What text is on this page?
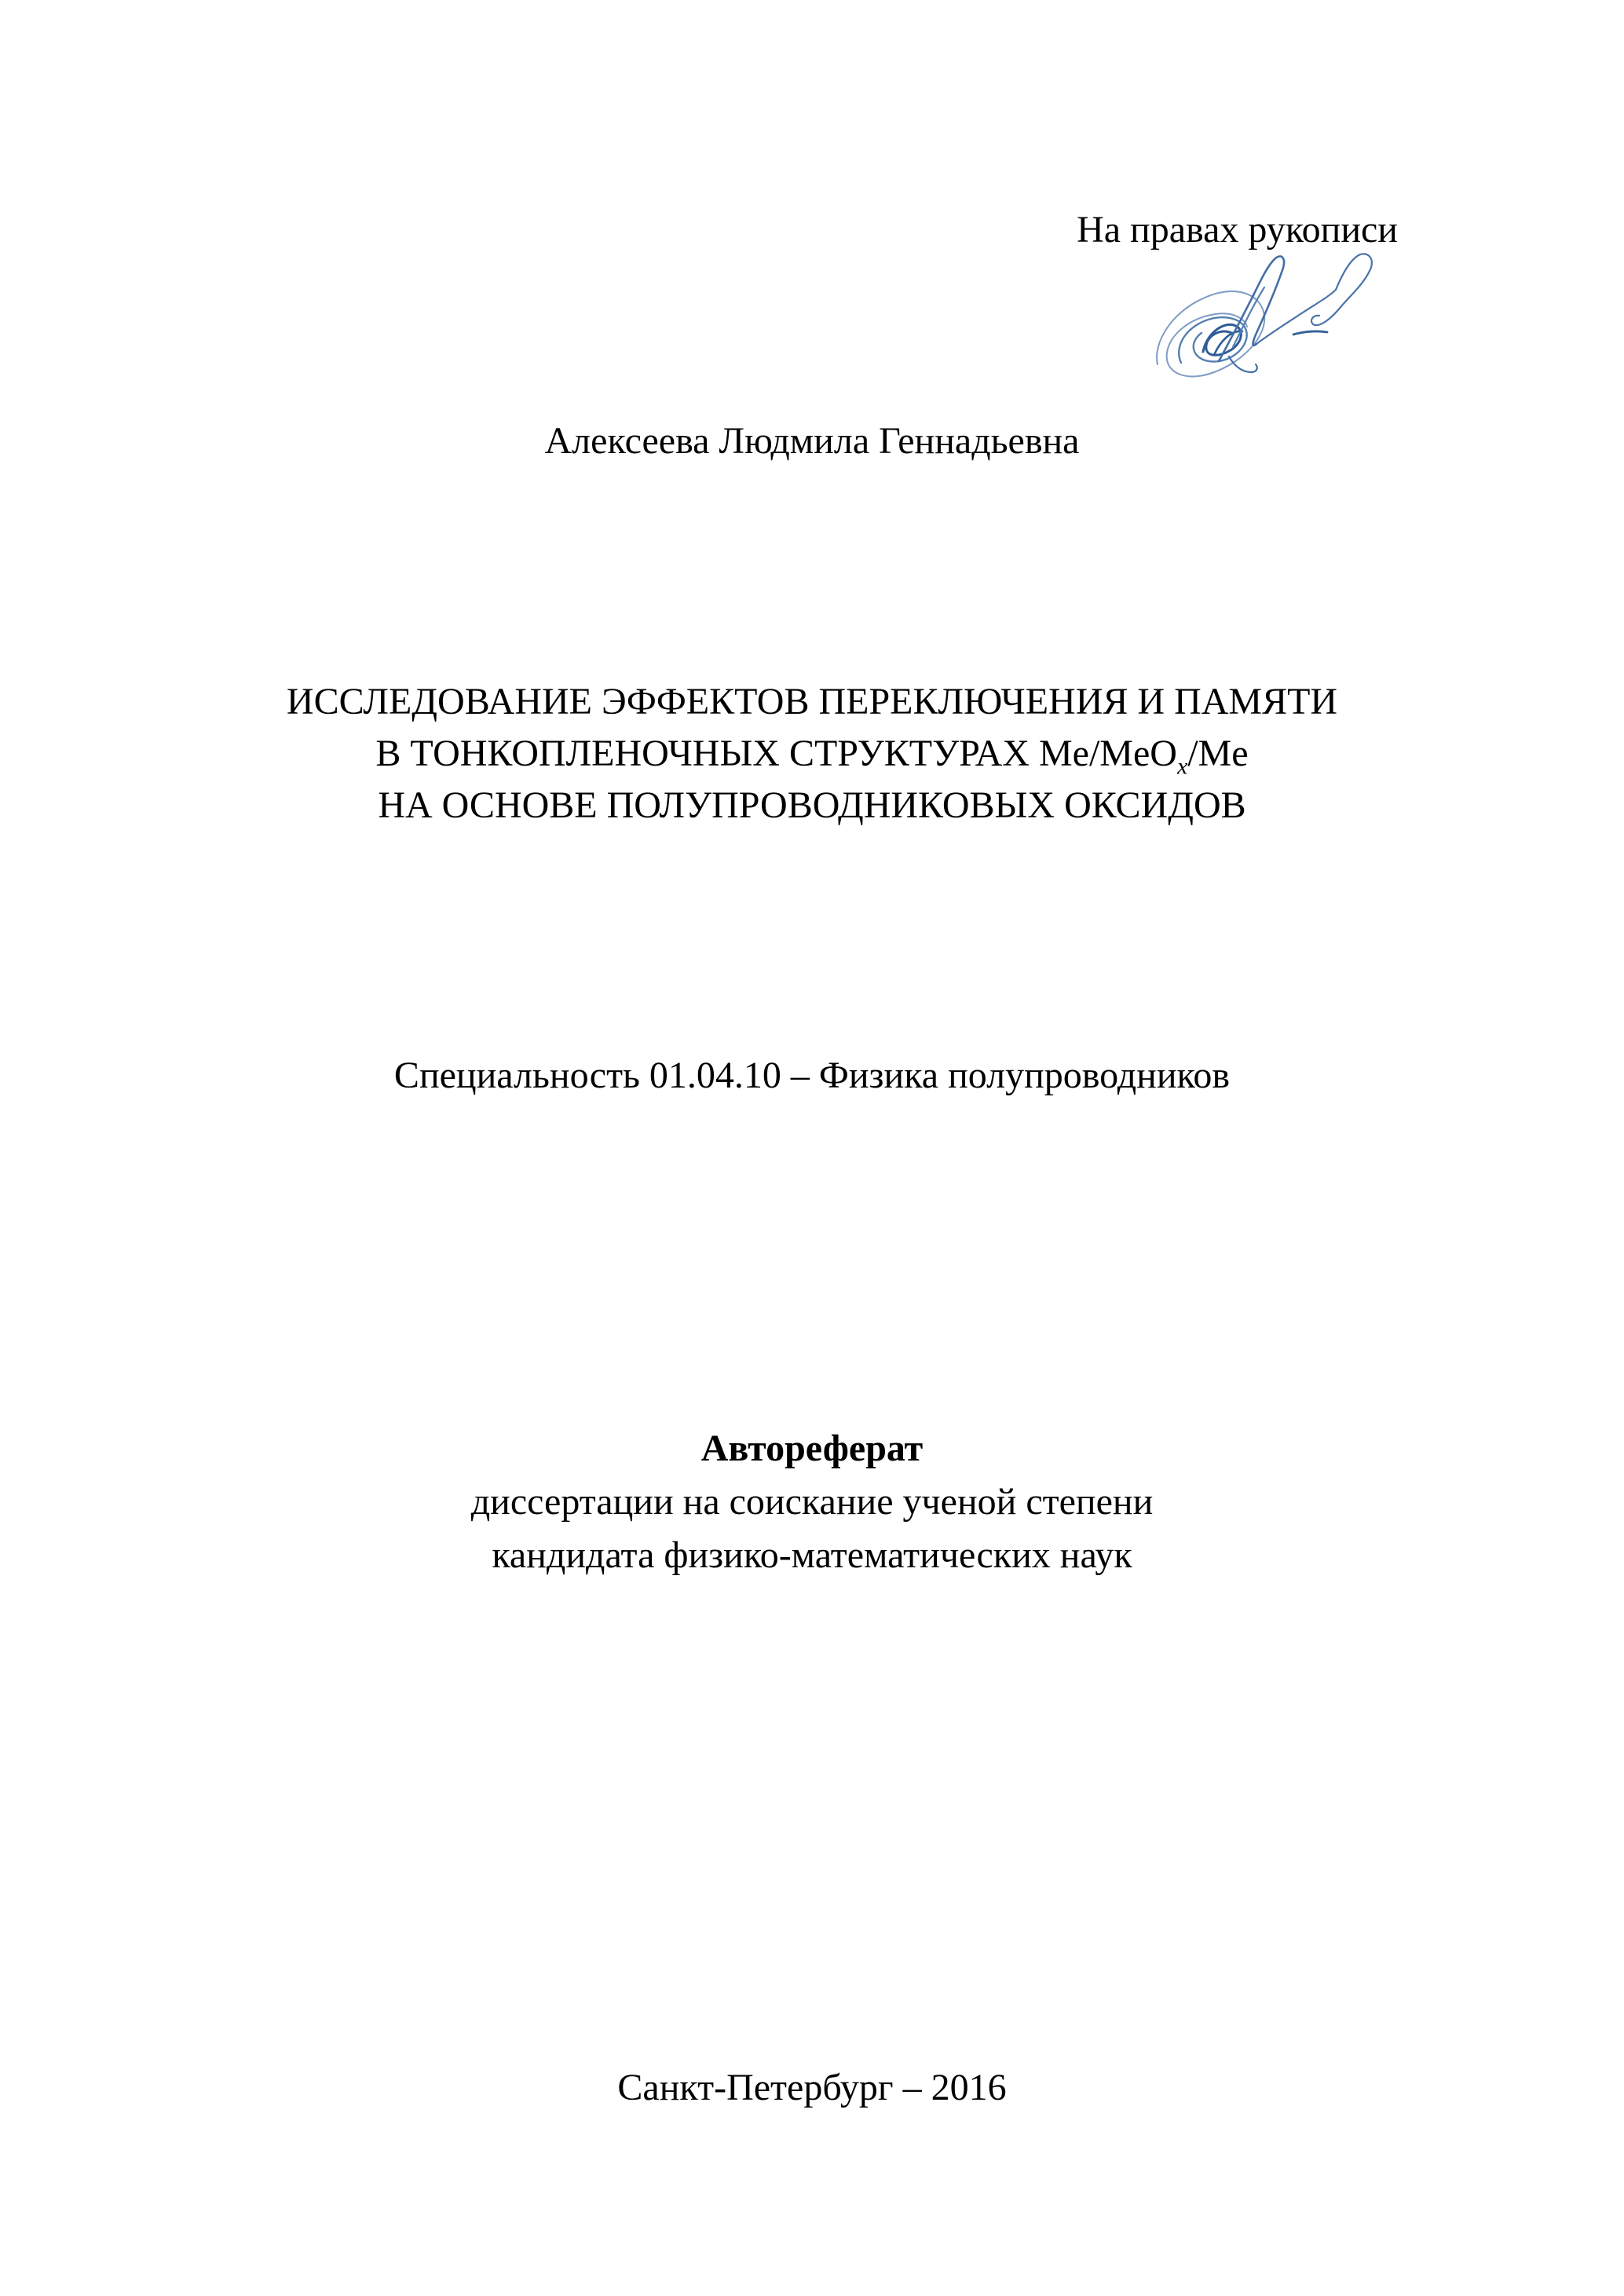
На правах рукописи
Алексеева Людмила Геннадьевна
ИССЛЕДОВАНИЕ ЭФФЕКТОВ ПЕРЕКЛЮЧЕНИЯ И ПАМЯТИ
В ТОНКОПЛЕНОЧНЫХ СТРУКТУРАХ Me/MeO$_x$/Me
НА ОСНОВЕ ПОЛУПРОВОДНИКОВЫХ ОКСИДОВ
Специальность 01.04.10 – Физика полупроводников
Автореферат
диссертации на соискание ученой степени
кандидата физико-математических наук
Санкт-Петербург – 2016
